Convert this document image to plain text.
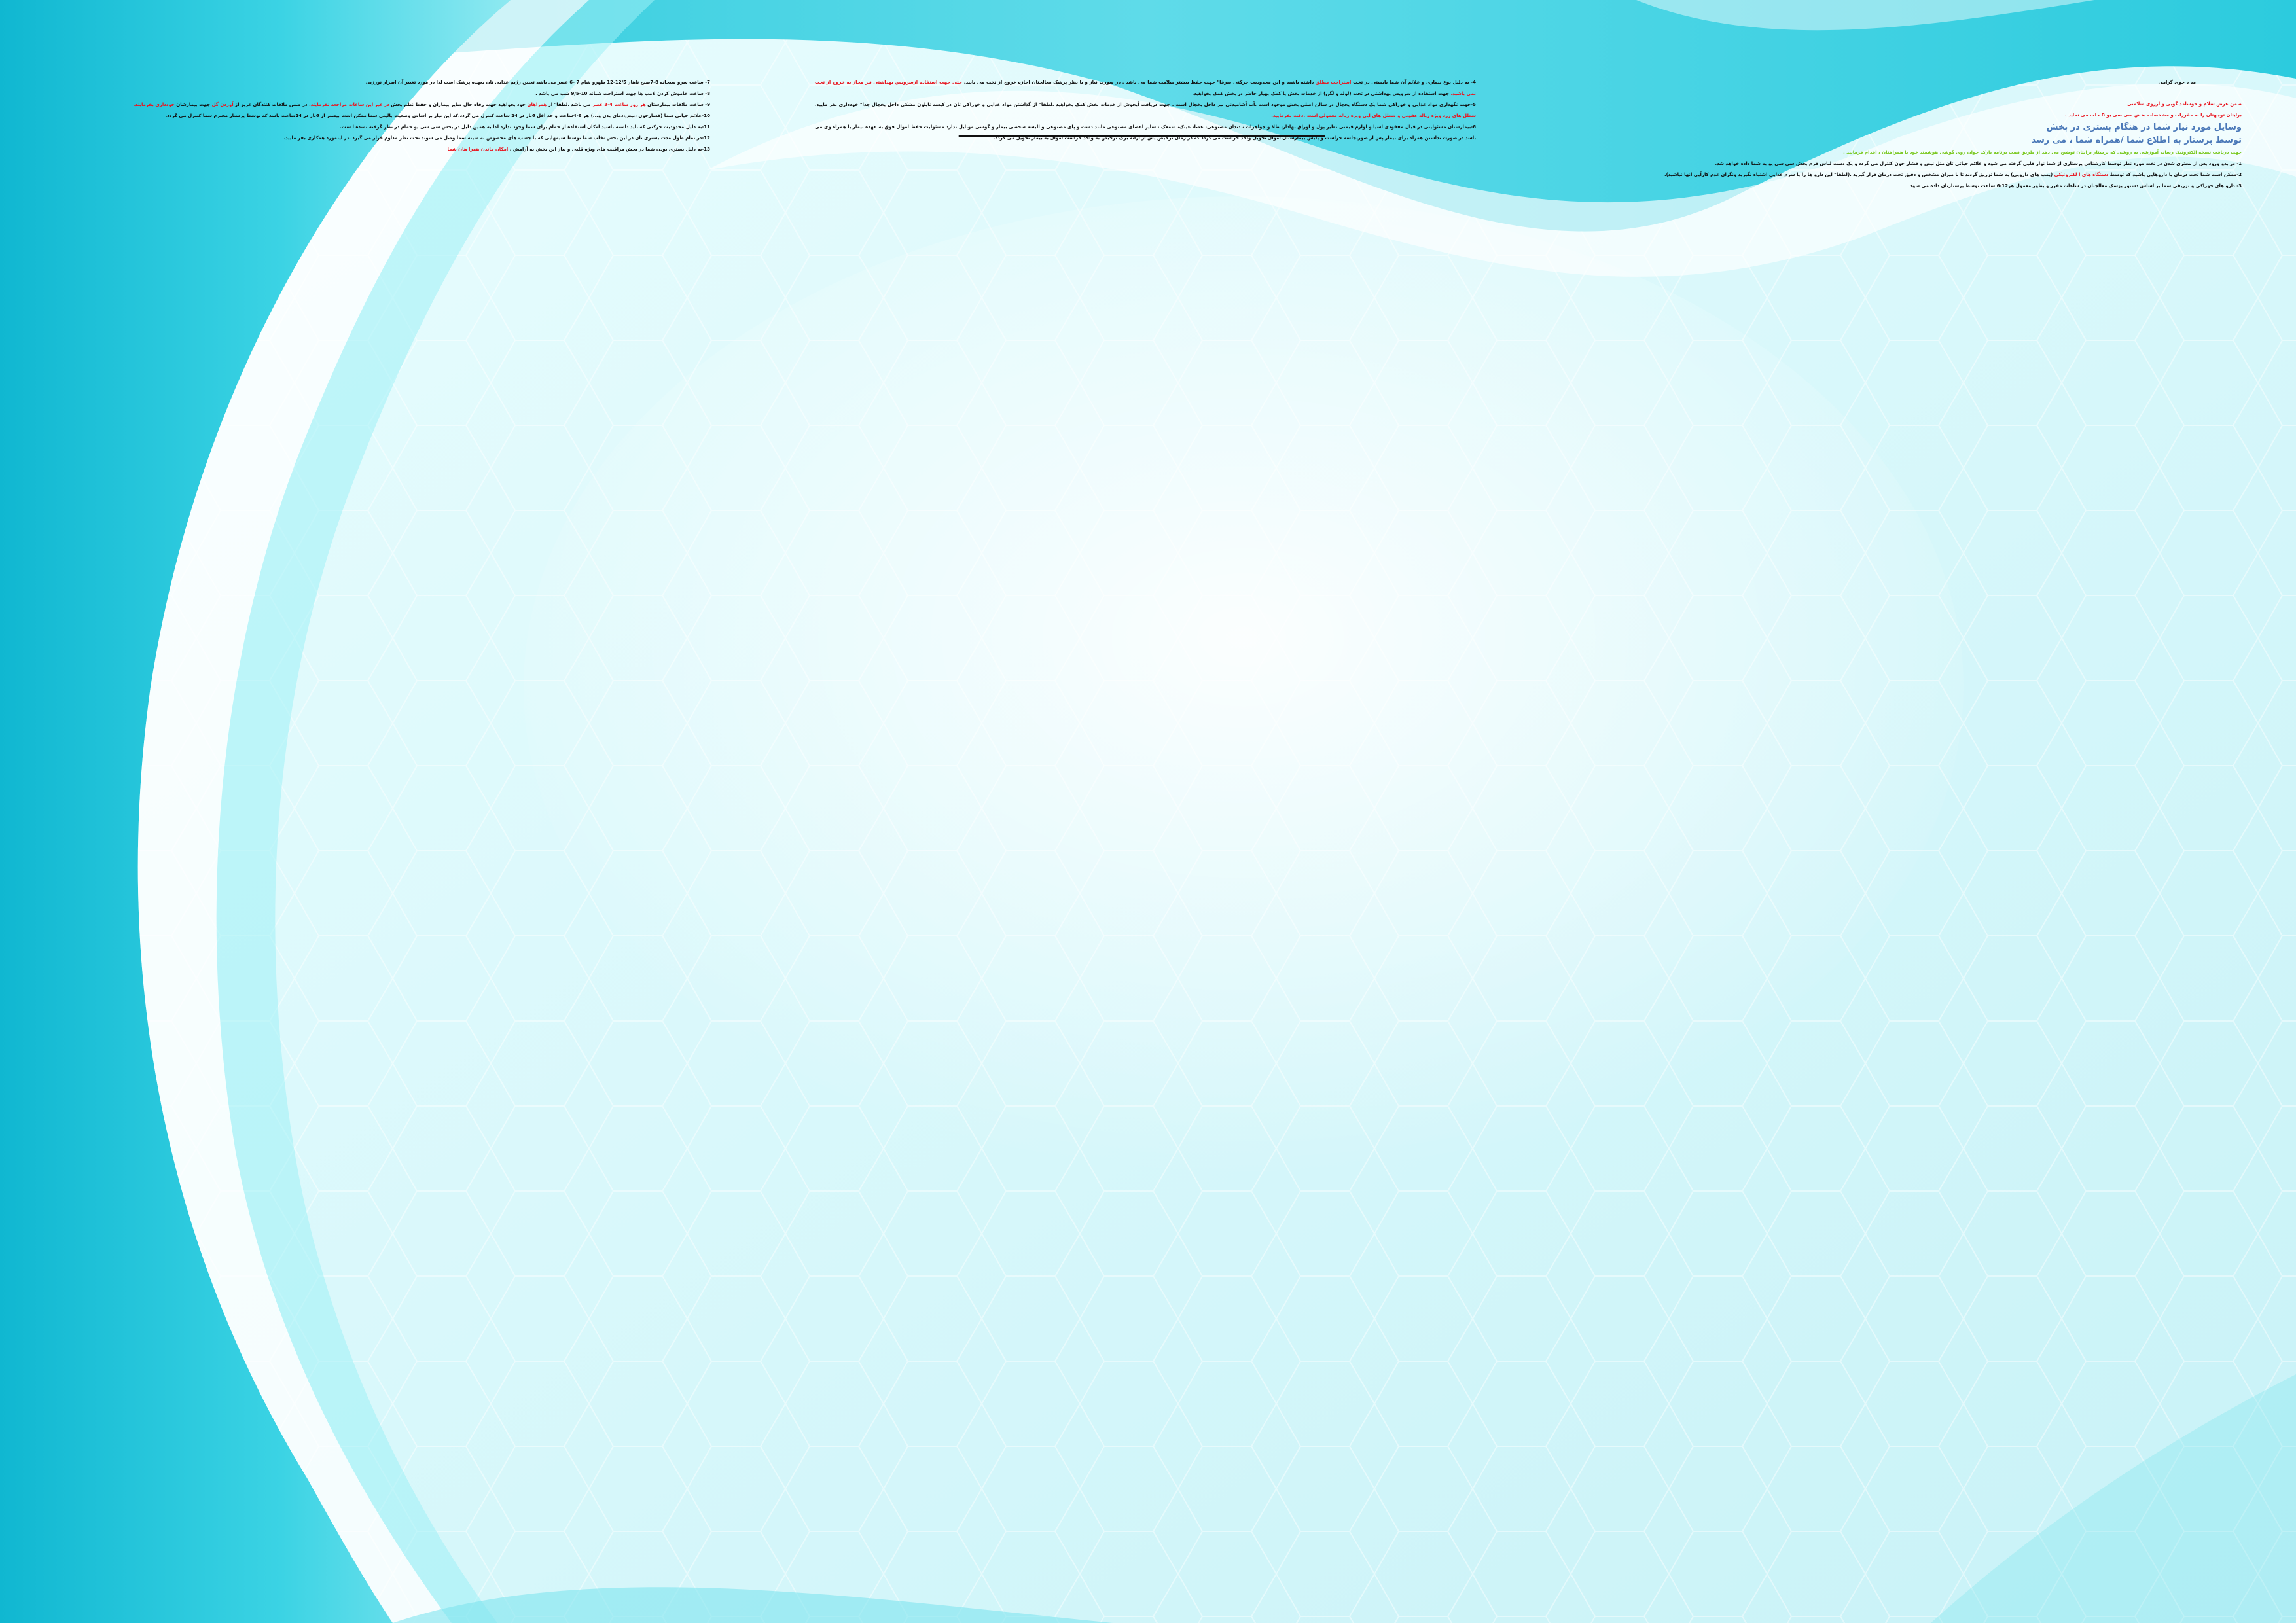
مد د جوی گرامی

ضمن عرض سلام و خوشامد گویی و آرزوی سلامتی

برایتان توجهتان را به مقررات و مشخصات بخش سی سی یو B جلب می نماید .

وسایل مورد نیاز شما در هنگام بستری در بخش

توسط پرستار به اطلاع شما /همراه شما ، می رسد

جهت دریافت نسخه الکترونیک رسانه آموزشی به روشی که پرستار برایتان توضیح می دهد از طریق نصب برنامه بارکد خوان روی گوشی هوشمند خود یا همراهتان ، اقدام فرمایید .

1- در بدو ورود پس از بستری شدن در تخت مورد نظر توسط کارشناس پرستاری از شما نوار قلبی گرفته می شود و علائم حیاتی تان مثل نبض و فشار خون کنترل می گردد و یک دست لباس فرم بخش سی سی یو به شما داده خواهد شد.

2-ممکن است شما تحت درمان با داروهایی باشید که توسط دستگاه های ا لکترونیکی (پمپ های دارویی) به شما تزریق گردند تا با میزان مشخص و دقیق تحت درمان قرار گیرید .(لطفا" این دارو ها را با سرم غذایی اشتباه نگیرید ونگران عدم کارآیی انها نباشید).

3- دارو های خوراکی و تزریقی شما بر اساس دستور پزشک معالجتان در ساعات مقرر و بطور معمول هر12-6 ساعت توسط پرستارتان داده می شود

4- به دلیل نوع بیماری و علائم آن شما بایستی در تخت استراحت مطلق داشته باشید و این محدودیت حرکتی صرفا" جهت حفظ بیشتر سلامت شما می باشد . در صورت نیاز و با نظر پزشک معالجتان اجازه خروج از تخت می یابید. حتی جهت استفاده ازسرویس بهداشتی نیز مجاز به خروج از تخت نمی باشید. جهت استفاده از سرویس بهداشتی در تخت (لوله و لگن) از خدمات بخش یا کمک بهیار حاضر در بخش کمک بخواهید.

5-جهت نگهداری مواد غذایی و خوراکی شما یک دستگاه یخچال در سالن اصلی بخش موجود است .آب آشامیدنی نیز داخل یخچال است . جهت دریافت آبجوش از خدمات بخش کمک بخواهید .لطفا" از گذاشتن مواد غذایی و خوراکی تان در کیسه نایلون مشکی داخل یخچال جدا" خودداری بفر مایید. سطل های زرد ویژه زباله عفونی و سطل های آبی ویژه زباله معمولی است .دقت بفرمایید.

6-بیمارستان مسئولیتی در قبال مفقودی اشیا و لوازم قیمتی نظیر پول و اوراق بهادار، طلا و جواهرات ، دندان مصنوعی، عصا، عینک، سمعک ، سایر اعضای مصنوعی مانند دست و پای مصنوعی و البسه شخصی بیمار و گوشی موبایل ندارد مسئولیت حفظ اموال فوق به عهده بیمار یا همراه وی می باشد در صورت نداشتن همراه برای بیمار پس از صورتجلسه حراست و پلیس بیمارستان اموال تحویل واحد حراست می گردد که در زمان ترخیص پس از ارائه برگ ترخیص به واحد حراست اموال به بیمار تحویل می گردد.

7- ساعت سرو صبحانه 8-7صبح ناهار 12/5-12 ظهرو شام 7 -6 عصر می باشد تعیین رژیم غذایی تان بعهده پزشک است لذا در مورد تغییر آن اصرار نورزید.

8- ساعت خاموش کردن لامپ ها جهت استراحت شبانه 10-9/5 شب می باشد .

9- ساعت ملاقات بیمارستان هر روز ساعت 4-3 عصر می باشد .لطفا" از همراهان خود بخواهید جهت رفاه حال سایر بیماران و حفظ نظم بخش در غیر این ساعات مراجعه نفرمایند. در ضمن ملاقات کنندگان عزیز از آوردن گل جهت بیمارشان خودداری بفرمایند.

10-علائم حیاتی شما (فشارخون ،نبض،دمای بدن و...) هر 6-4ساعت و حد اقل 6بار در 24 ساعت کنترل می گردد.که این نیاز بر اساس وضعیت بالینی شما ممکن است بیشتر از 6بار در 24ساعت باشد که توسط پرستار محترم شما کنترل می گردد.

11-به دلیل محدودیت حرکتی که باید داشته باشید امکان استفاده از حمام برای شما وجود ندارد لذا به همین دلیل در بخش سی سی یو حمام در نظر گرفته نشده ا ست.

12-در تمام طول مدت بستری تان در این بخش ،قلب شما توسط سیمهایی که با چسب های مخصوص به سینه شما وصل می شوند تحت نظر مداوم قرار می گیرد .در اینمورد همکاری بفر مایید.

13-به دلیل بستری بودن شما در بخش مراقبت های ویژه قلبی و نیاز این بخش به آرامش ، امکان ماندن همرا هان شما
